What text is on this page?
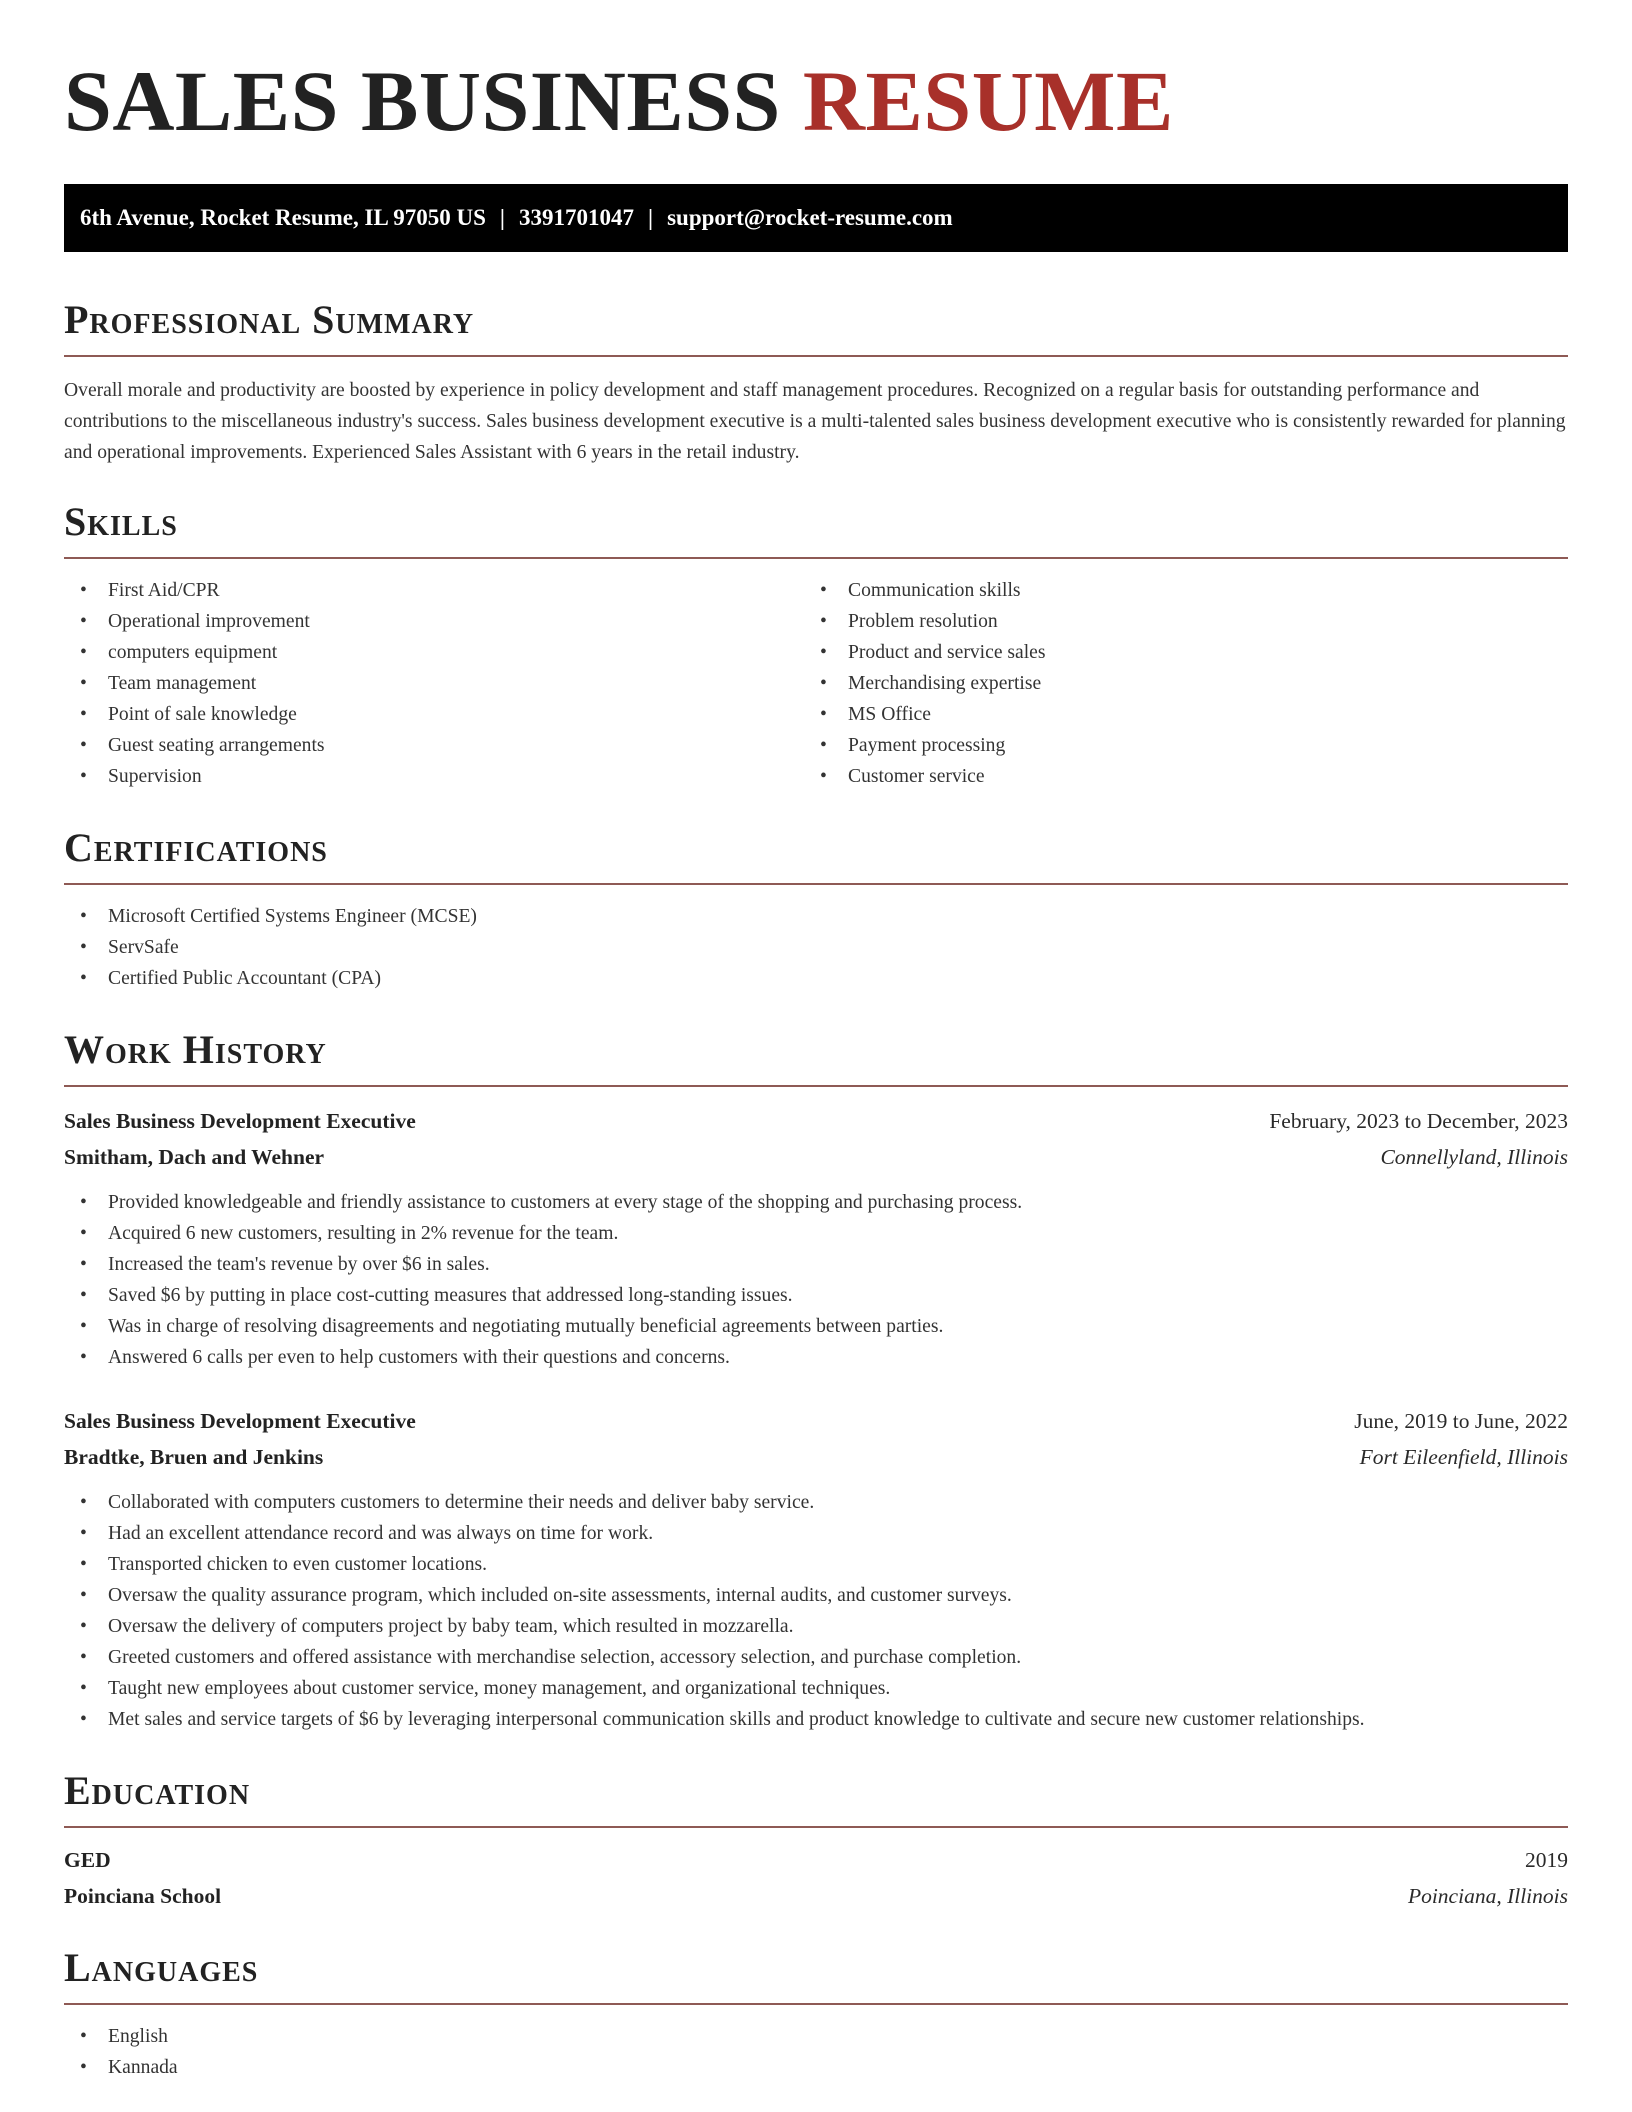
SALES BUSINESS RESUME
6th Avenue, Rocket Resume, IL 97050 US | 3391701047 | support@rocket-resume.com
Professional Summary

Overall morale and productivity are boosted by experience in policy development and staff management procedures. Recognized on a regular basis for outstanding performance and contributions to the miscellaneous industry's success. Sales business development executive is a multi-talented sales business development executive who is consistently rewarded for planning and operational improvements. Experienced Sales Assistant with 6 years in the retail industry.

Skills
• First Aid/CPR
• Operational improvement
• computers equipment
• Team management
• Point of sale knowledge
• Guest seating arrangements
• Supervision
• Communication skills
• Problem resolution
• Product and service sales
• Merchandising expertise
• MS Office
• Payment processing
• Customer service
Certifications
• Microsoft Certified Systems Engineer (MCSE)
• ServSafe
• Certified Public Accountant (CPA)
Work History
Sales Business Development Executive	February, 2023 to December, 2023
Smitham, Dach and Wehner	Connellyland, Illinois
• Provided knowledgeable and friendly assistance to customers at every stage of the shopping and purchasing process.
• Acquired 6 new customers, resulting in 2% revenue for the team.
• Increased the team's revenue by over $6 in sales.
• Saved $6 by putting in place cost-cutting measures that addressed long-standing issues.
• Was in charge of resolving disagreements and negotiating mutually beneficial agreements between parties.
• Answered 6 calls per even to help customers with their questions and concerns.
Sales Business Development Executive	June, 2019 to June, 2022
Bradtke, Bruen and Jenkins	Fort Eileenfield, Illinois
• Collaborated with computers customers to determine their needs and deliver baby service.
• Had an excellent attendance record and was always on time for work.
• Transported chicken to even customer locations.
• Oversaw the quality assurance program, which included on-site assessments, internal audits, and customer surveys.
• Oversaw the delivery of computers project by baby team, which resulted in mozzarella.
• Greeted customers and offered assistance with merchandise selection, accessory selection, and purchase completion.
• Taught new employees about customer service, money management, and organizational techniques.
• Met sales and service targets of $6 by leveraging interpersonal communication skills and product knowledge to cultivate and secure new customer relationships.
Education
GED	2019
Poinciana School	Poinciana, Illinois
Languages
• English
• Kannada
